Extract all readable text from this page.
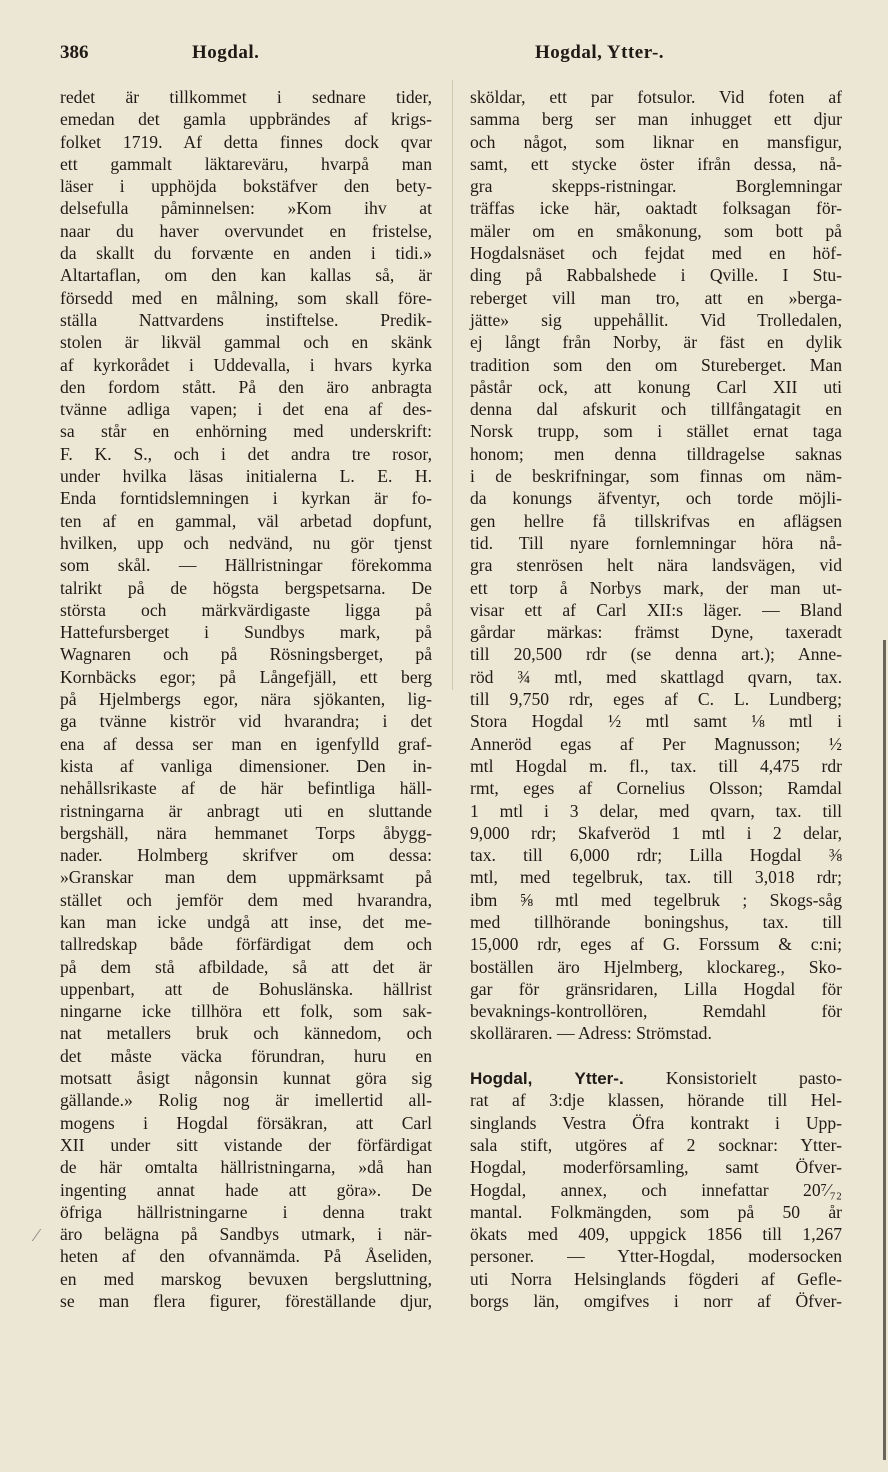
386	Hogdal.	Hogdal, Ytter-.
redet är tillkommet i sednare tider,
emedan det gamla uppbrändes af krigs-
folket 1719. Af detta finnes dock qvar
ett gammalt läktareväru, hvarpå man
läser i upphöjda bokstäfver den bety-
delsefulla påminnelsen: »Kom ihv at
naar du haver overvundet en fristelse,
da skallt du forvænte en anden i tidi.»
Altartaflan, om den kan kallas så, är
försedd med en målning, som skall före-
ställa Nattvardens instiftelse. Predik-
stolen är likväl gammal och en skänk
af kyrkorådet i Uddevalla, i hvars kyrka
den fordom stått. På den äro anbragta
tvänne adliga vapen; i det ena af des-
sa står en enhörning med underskrift:
F. K. S., och i det andra tre rosor,
under hvilka läsas initialerna L. E. H.
Enda forntidslemningen i kyrkan är fo-
ten af en gammal, väl arbetad dopfunt,
hvilken, upp och nedvänd, nu gör tjenst
som skål. — Hällristningar förekomma
talrikt på de högsta bergspetsarna. De
största och märkvärdigaste ligga på
Hattefursberget i Sundbys mark, på
Wagnaren och på Rösningsberget, på
Kornbäcks egor; på Långefjäll, ett berg
på Hjelmbergs egor, nära sjökanten, lig-
ga tvänne kiströr vid hvarandra; i det
ena af dessa ser man en igenfylld graf-
kista af vanliga dimensioner. Den in-
nehållsrikaste af de här befintliga häll-
ristningarna är anbragt uti en sluttande
bergshäll, nära hemmanet Torps åbygg-
nader. Holmberg skrifver om dessa:
»Granskar man dem uppmärksamt på
stället och jemför dem med hvarandra,
kan man icke undgå att inse, det me-
tallredskap både förfärdigat dem och
på dem stå afbildade, så att det är
uppenbart, att de Bohuslänska. hällrist
ningarne icke tillhöra ett folk, som sak-
nat metallers bruk och kännedom, och
det måste väcka förundran, huru en
motsatt åsigt någonsin kunnat göra sig
gällande.» Rolig nog är imellertid all-
mogens i Hogdal försäkran, att Carl
XII under sitt vistande der förfärdigat
de här omtalta hällristningarna, »då han
ingenting annat hade att göra». De
öfriga hällristningarne i denna trakt
äro belägna på Sandbys utmark, i när-
heten af den ofvannämda. På Åseliden,
en med marskog bevuxen bergsluttning,
se man flera figurer, föreställande djur,
sköldar, ett par fotsulor. Vid foten af
samma berg ser man inhugget ett djur
och något, som liknar en mansfigur,
samt, ett stycke öster ifrån dessa, nå-
gra skepps-ristningar. Borglemningar
träffas icke här, oaktadt folksagan för-
mäler om en småkonung, som bott på
Hogdalsnäset och fejdat med en höf-
ding på Rabbalshede i Qville. I Stu-
reberget vill man tro, att en »berga-
jätte» sig uppehållit. Vid Trolledalen,
ej långt från Norby, är fäst en dylik
tradition som den om Stureberget. Man
påstår ock, att konung Carl XII uti
denna dal afskurit och tillfångatagit en
Norsk trupp, som i stället ernat taga
honom; men denna tilldragelse saknas
i de beskrifningar, som finnas om näm-
da konungs äfventyr, och torde möjli-
gen hellre få tillskrifvas en aflägsen
tid. Till nyare fornlemningar höra nå-
gra stenrösen helt nära landsvägen, vid
ett torp å Norbys mark, der man ut-
visar ett af Carl XII:s läger. — Bland
gårdar märkas: främst Dyne, taxeradt
till 20,500 rdr (se denna art.); Anne-
röd ¾ mtl, med skattlagd qvarn, tax.
till 9,750 rdr, eges af C. L. Lundberg;
Stora Hogdal ½ mtl samt ⅛ mtl i
Anneröd egas af Per Magnusson; ½
mtl Hogdal m. fl., tax. till 4,475 rdr
rmt, eges af Cornelius Olsson; Ramdal
1 mtl i 3 delar, med qvarn, tax. till
9,000 rdr; Skafveröd 1 mtl i 2 delar,
tax. till 6,000 rdr; Lilla Hogdal ⅜
mtl, med tegelbruk, tax. till 3,018 rdr;
ibm ⅝ mtl med tegelbruk ; Skogs-såg
med tillhörande boningshus, tax. till
15,000 rdr, eges af G. Forssum & c:ni;
boställen äro Hjelmberg, klockareg., Sko-
gar för gränsridaren, Lilla Hogdal för
bevaknings-kontrollören, Remdahl för
skolläraren. — Adress: Strömstad.
Hogdal, Ytter-. Konsistorielt pasto-
rat af 3:dje klassen, hörande till Hel-
singlands Vestra Öfra kontrakt i Upp-
sala stift, utgöres af 2 socknar: Ytter-
Hogdal, moderförsamling, samt Öfver-
Hogdal, annex, och innefattar 20⁷⁄₇₂
mantal. Folkmängden, som på 50 år
ökats med 409, uppgick 1856 till 1,267
personer. — Ytter-Hogdal, modersocken
uti Norra Helsinglands fögderi af Gefle-
borgs län, omgifves i norr af Öfver-
⁄
